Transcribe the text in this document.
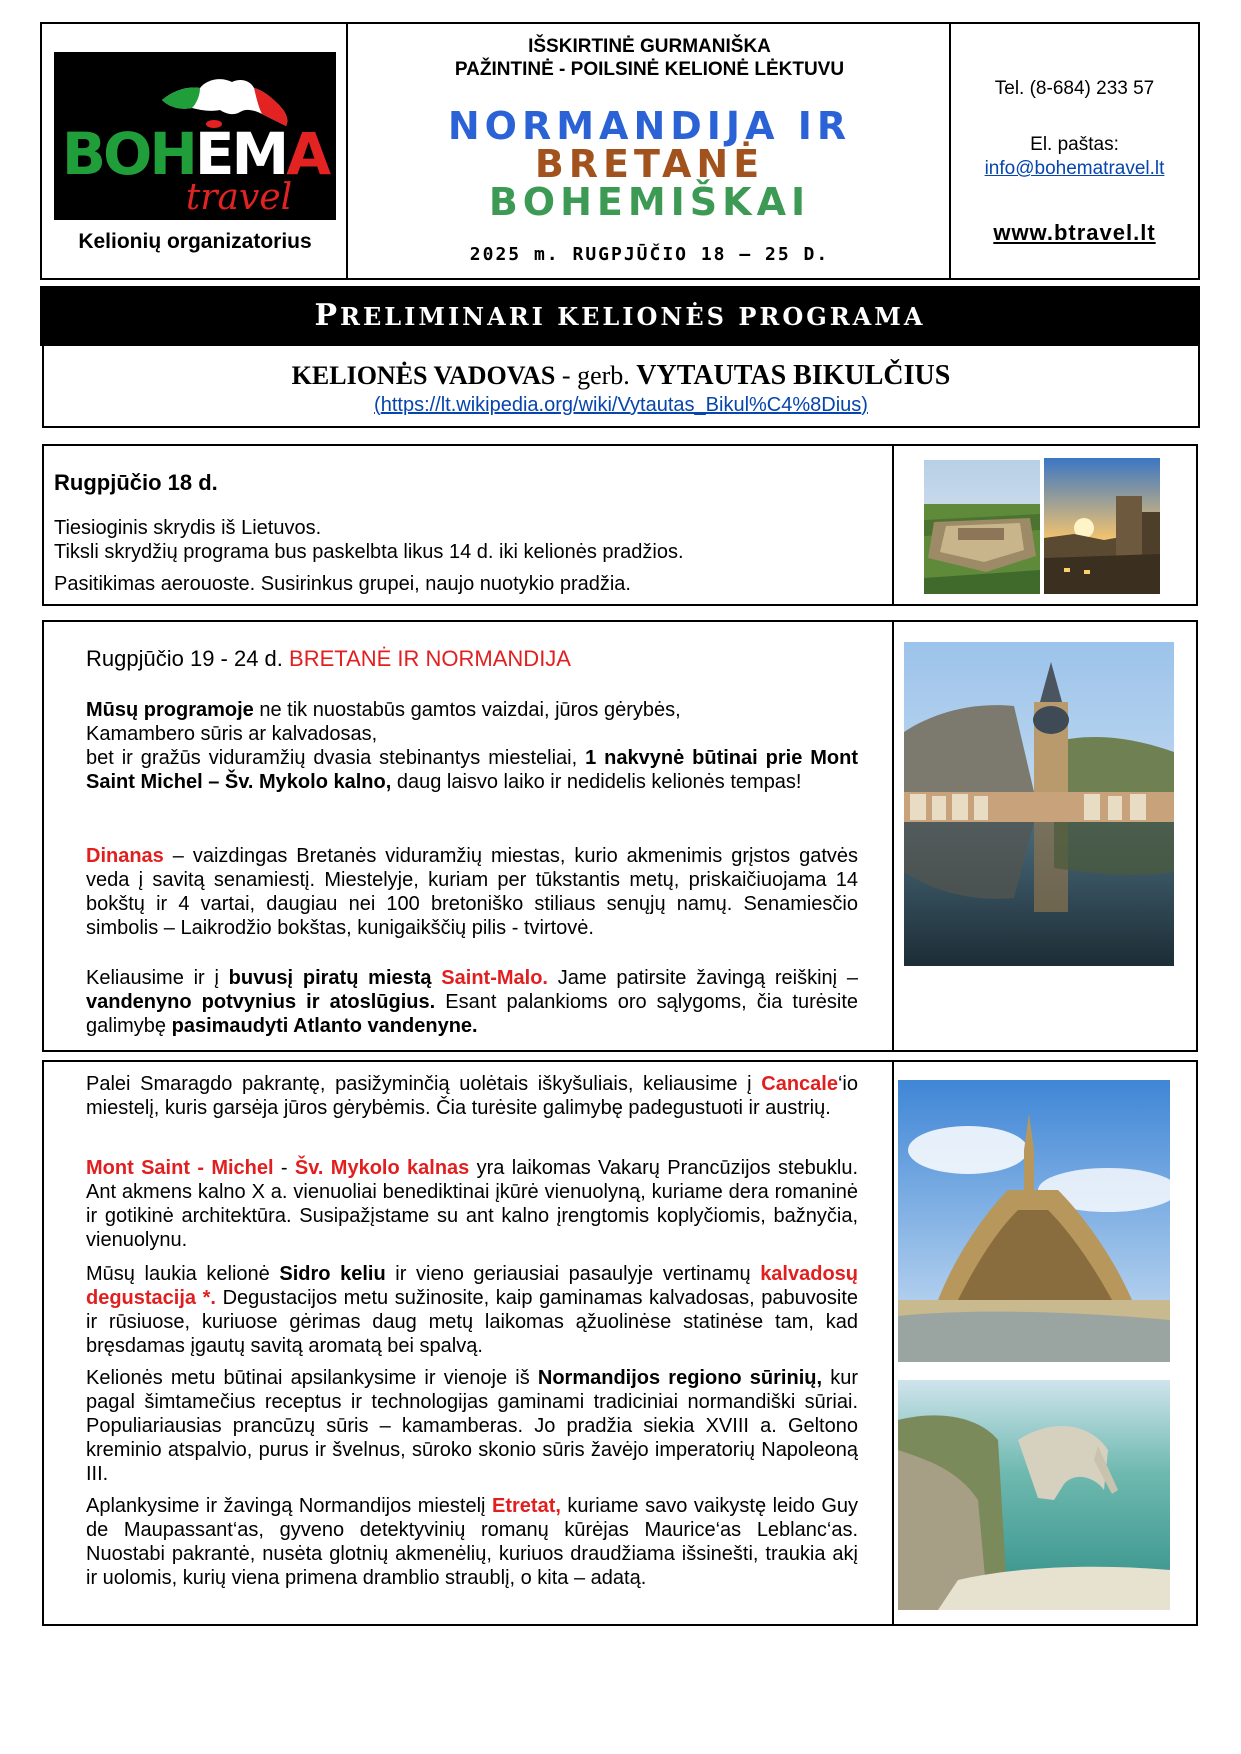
BOHEMA
travel
Kelionių organizatorius
IŠSKIRTINĖ GURMANIŠKA
PAŽINTINĖ - POILSINĖ KELIONĖ LĖKTUVU
NORMANDIJA IR
BRETANĖ
BOHEMIŠKAI
2025 m. RUGPJŪČIO 18 – 25 D.
Tel. (8-684) 233 57
El. paštas:
info@bohematravel.lt
www.btravel.lt
PRELIMINARI KELIONĖS PROGRAMA
KELIONĖS VADOVAS - gerb. VYTAUTAS BIKULČIUS
(https://lt.wikipedia.org/wiki/Vytautas_Bikul%C4%8Dius)
Rugpjūčio 18 d.
Tiesioginis skrydis iš Lietuvos.
Tiksli skrydžių programa bus paskelbta likus 14 d. iki kelionės pradžios.
Pasitikimas aerouoste. Susirinkus grupei, naujo nuotykio pradžia.
Rugpjūčio 19 - 24 d. BRETANĖ IR NORMANDIJA
Mūsų programoje ne tik nuostabūs gamtos vaizdai, jūros gėrybės,
Kamambero sūris ar kalvadosas,
bet ir gražūs viduramžių dvasia stebinantys miesteliai, 1 nakvynė būtinai prie Mont Saint Michel – Šv. Mykolo kalno, daug laisvo laiko ir nedidelis kelionės tempas!
Dinanas – vaizdingas Bretanės viduramžių miestas, kurio akmenimis grįstos gatvės veda į savitą senamiestį. Miestelyje, kuriam per tūkstantis metų, priskaičiuojama 14 bokštų ir 4 vartai, daugiau nei 100 bretoniško stiliaus senųjų namų. Senamiesčio simbolis – Laikrodžio bokštas, kunigaikščių pilis - tvirtovė.
Keliausime ir į buvusį piratų miestą Saint-Malo. Jame patirsite žavingą reiškinį – vandenyno potvynius ir atoslūgius. Esant palankioms oro sąlygoms, čia turėsite galimybę pasimaudyti Atlanto vandenyne.
Palei Smaragdo pakrantę, pasižyminčią uolėtais iškyšuliais, keliausime į Cancale‘io miestelį, kuris garsėja jūros gėrybėmis. Čia turėsite galimybę padegustuoti ir austrių.
Mont Saint - Michel - Šv. Mykolo kalnas yra laikomas Vakarų Prancūzijos stebuklu. Ant akmens kalno X a. vienuoliai benediktinai įkūrė vienuolyną, kuriame dera romaninė ir gotikinė architektūra. Susipažįstame su ant kalno įrengtomis koplyčiomis, bažnyčia, vienuolynu.
Mūsų laukia kelionė Sidro keliu ir vieno geriausiai pasaulyje vertinamų kalvadosų degustacija *. Degustacijos metu sužinosite, kaip gaminamas kalvadosas, pabuvosite ir rūsiuose, kuriuose gėrimas daug metų laikomas ąžuolinėse statinėse tam, kad bręsdamas įgautų savitą aromatą bei spalvą.
Kelionės metu būtinai apsilankysime ir vienoje iš Normandijos regiono sūrinių, kur pagal šimtamečius receptus ir technologijas gaminami tradiciniai normandiški sūriai. Populiariausias prancūzų sūris – kamamberas. Jo pradžia siekia XVIII a. Geltono kreminio atspalvio, purus ir švelnus, sūroko skonio sūris žavėjo imperatorių Napoleoną III.
Aplankysime ir žavingą Normandijos miestelį Etretat, kuriame savo vaikystę leido Guy de Maupassant‘as, gyveno detektyvinių romanų kūrėjas Maurice‘as Leblanc‘as. Nuostabi pakrantė, nusėta glotnių akmenėlių, kuriuos draudžiama išsinešti, traukia akį ir uolomis, kurių viena primena dramblio straublį, o kita – adatą.
